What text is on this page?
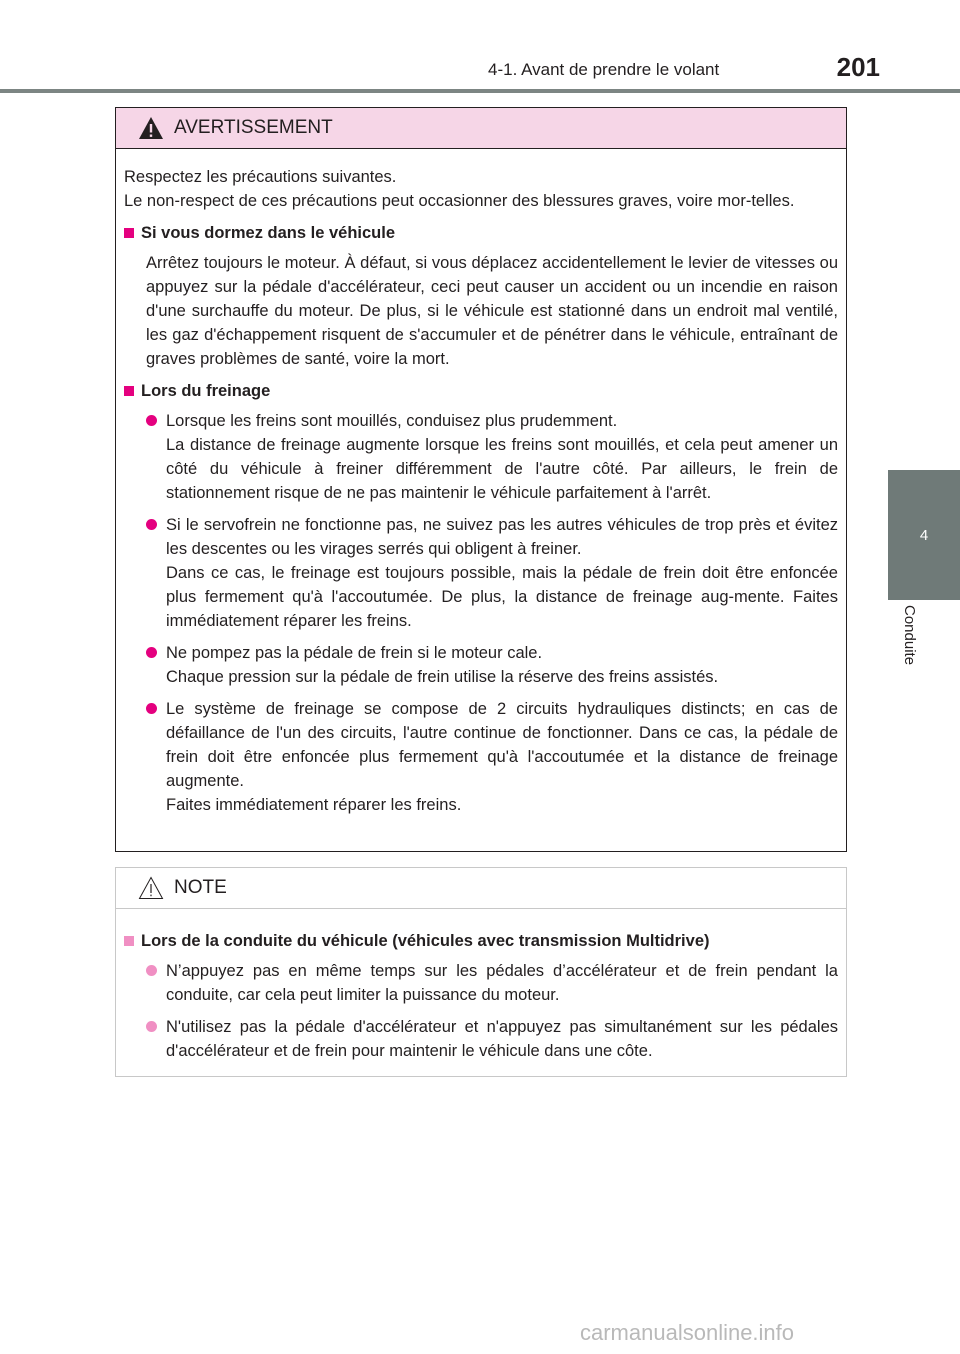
4-1. Avant de prendre le volant	201
4
Conduite
AVERTISSEMENT

Respectez les précautions suivantes.
Le non-respect de ces précautions peut occasionner des blessures graves, voire mor-telles.

Si vous dormez dans le véhicule

Arrêtez toujours le moteur. À défaut, si vous déplacez accidentellement le levier de vitesses ou appuyez sur la pédale d'accélérateur, ceci peut causer un accident ou un incendie en raison d'une surchauffe du moteur. De plus, si le véhicule est stationné dans un endroit mal ventilé, les gaz d'échappement risquent de s'accumuler et de pénétrer dans le véhicule, entraînant de graves problèmes de santé, voire la mort.

Lors du freinage

Lorsque les freins sont mouillés, conduisez plus prudemment.

La distance de freinage augmente lorsque les freins sont mouillés, et cela peut amener un côté du véhicule à freiner différemment de l'autre côté. Par ailleurs, le frein de stationnement risque de ne pas maintenir le véhicule parfaitement à l'arrêt.

Si le servofrein ne fonctionne pas, ne suivez pas les autres véhicules de trop près et évitez les descentes ou les virages serrés qui obligent à freiner.

Dans ce cas, le freinage est toujours possible, mais la pédale de frein doit être enfoncée plus fermement qu'à l'accoutumée. De plus, la distance de freinage aug-mente. Faites immédiatement réparer les freins.

Ne pompez pas la pédale de frein si le moteur cale.

Chaque pression sur la pédale de frein utilise la réserve des freins assistés.

Le système de freinage se compose de 2 circuits hydrauliques distincts; en cas de défaillance de l'un des circuits, l'autre continue de fonctionner. Dans ce cas, la pédale de frein doit être enfoncée plus fermement qu'à l'accoutumée et la distance de freinage augmente.

Faites immédiatement réparer les freins.

NOTE
Lors de la conduite du véhicule (véhicules avec transmission Multidrive)

N’appuyez pas en même temps sur les pédales d’accélérateur et de frein pendant la conduite, car cela peut limiter la puissance du moteur.

N'utilisez pas la pédale d'accélérateur et n'appuyez pas simultanément sur les pédales d'accélérateur et de frein pour maintenir le véhicule dans une côte.

carmanualsonline.info
